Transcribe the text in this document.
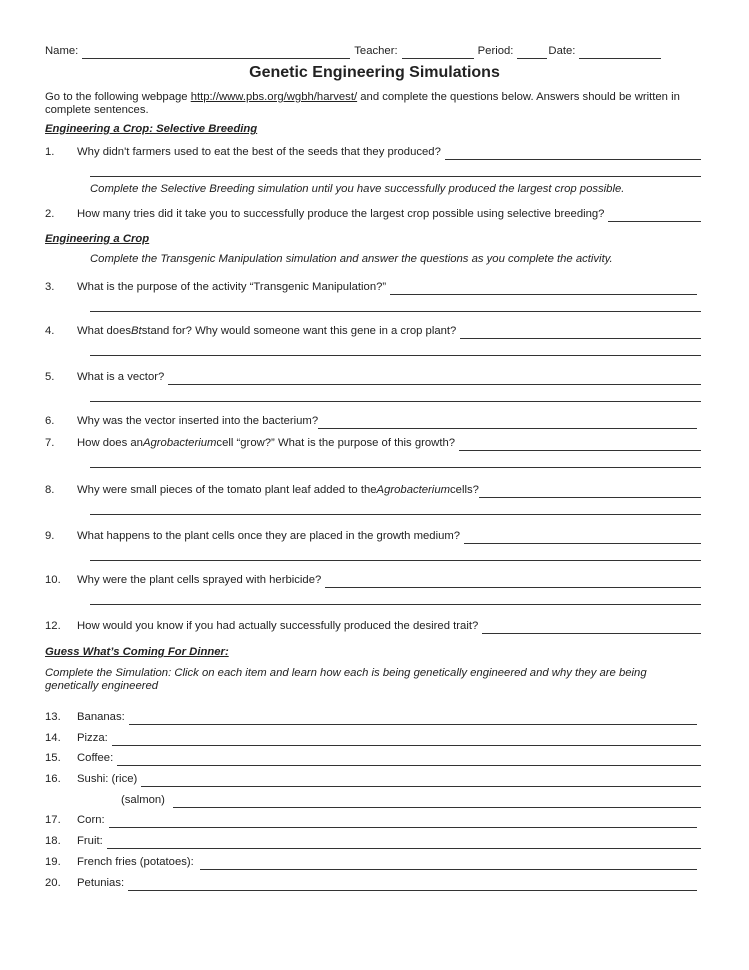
Name:	Teacher:	Period:	Date:
Genetic Engineering Simulations
Go to the following webpage http://www.pbs.org/wgbh/harvest/ and complete the questions below. Answers should be written in complete sentences.
Engineering a Crop: Selective Breeding
1.	Why didn't farmers used to eat the best of the seeds that they produced?
Complete the Selective Breeding simulation until you have successfully produced the largest crop possible.
2.	How many tries did it take you to successfully produce the largest crop possible using selective breeding?
Engineering a Crop
Complete the Transgenic Manipulation simulation and answer the questions as you complete the activity.
3.	What is the purpose of the activity “Transgenic Manipulation?”
4.	What does Bt stand for? Why would someone want this gene in a crop plant?
5.	What is a vector?
6.	Why was the vector inserted into the bacterium?
7.	How does an Agrobacterium cell “grow?” What is the purpose of this growth?
8.	Why were small pieces of the tomato plant leaf added to the Agrobacterium cells?
9.	What happens to the plant cells once they are placed in the growth medium?
10.	Why were the plant cells sprayed with herbicide?
12.	How would you know if you had actually successfully produced the desired trait?
Guess What’s Coming For Dinner:
Complete the Simulation: Click on each item and learn how each is being genetically engineered and why they are being genetically engineered
13.	Bananas:
14.	Pizza:
15.	Coffee:
16.	Sushi: (rice)
(salmon)
17.	Corn:
18.	Fruit:
19.	French fries (potatoes):
20.	Petunias:
